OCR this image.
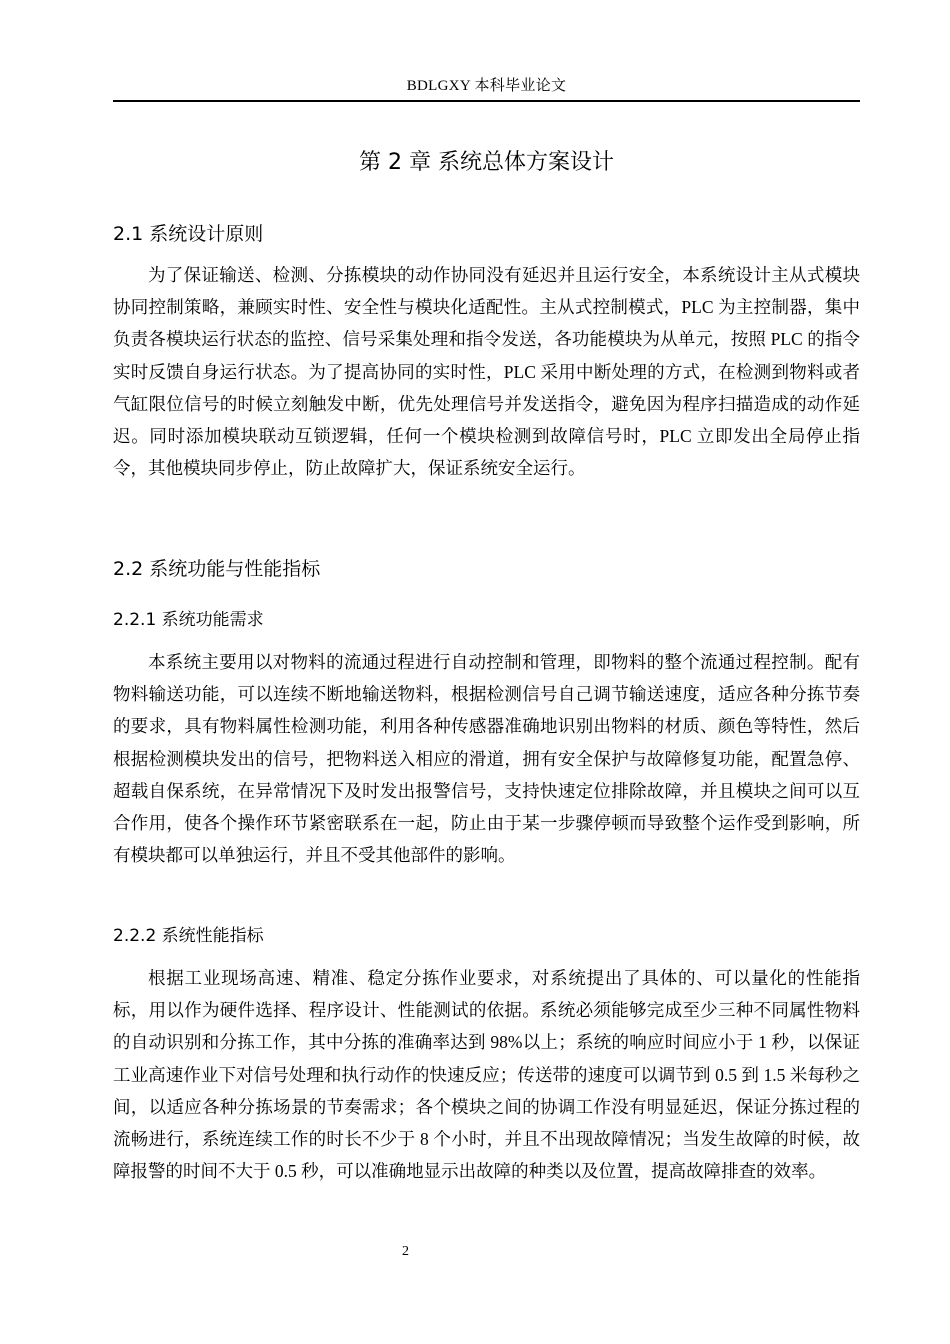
BDLGXY 本科毕业论文
第 2 章 系统总体方案设计
2.1 系统设计原则

为了保证输送、检测、分拣模块的动作协同没有延迟并且运行安全，本系统设计主从式模块协同控制策略，兼顾实时性、安全性与模块化适配性。主从式控制模式，PLC 为主控制器，集中负责各模块运行状态的监控、信号采集处理和指令发送，各功能模块为从单元，按照 PLC 的指令实时反馈自身运行状态。为了提高协同的实时性，PLC 采用中断处理的方式，在检测到物料或者气缸限位信号的时候立刻触发中断，优先处理信号并发送指令，避免因为程序扫描造成的动作延迟。同时添加模块联动互锁逻辑，任何一个模块检测到故障信号时，PLC 立即发出全局停止指令，其他模块同步停止，防止故障扩大，保证系统安全运行。

2.2 系统功能与性能指标
2.2.1 系统功能需求

本系统主要用以对物料的流通过程进行自动控制和管理，即物料的整个流通过程控制。配有物料输送功能，可以连续不断地输送物料，根据检测信号自己调节输送速度，适应各种分拣节奏的要求，具有物料属性检测功能，利用各种传感器准确地识别出物料的材质、颜色等特性，然后根据检测模块发出的信号，把物料送入相应的滑道，拥有安全保护与故障修复功能，配置急停、超载自保系统，在异常情况下及时发出报警信号，支持快速定位排除故障，并且模块之间可以互合作用，使各个操作环节紧密联系在一起，防止由于某一步骤停顿而导致整个运作受到影响，所有模块都可以单独运行，并且不受其他部件的影响。

2.2.2 系统性能指标

根据工业现场高速、精准、稳定分拣作业要求，对系统提出了具体的、可以量化的性能指标，用以作为硬件选择、程序设计、性能测试的依据。系统必须能够完成至少三种不同属性物料的自动识别和分拣工作，其中分拣的准确率达到 98%以上；系统的响应时间应小于 1 秒，以保证工业高速作业下对信号处理和执行动作的快速反应；传送带的速度可以调节到 0.5 到 1.5 米每秒之间，以适应各种分拣场景的节奏需求；各个模块之间的协调工作没有明显延迟，保证分拣过程的流畅进行，系统连续工作的时长不少于 8 个小时，并且不出现故障情况；当发生故障的时候，故障报警的时间不大于 0.5 秒，可以准确地显示出故障的种类以及位置，提高故障排查的效率。

2
